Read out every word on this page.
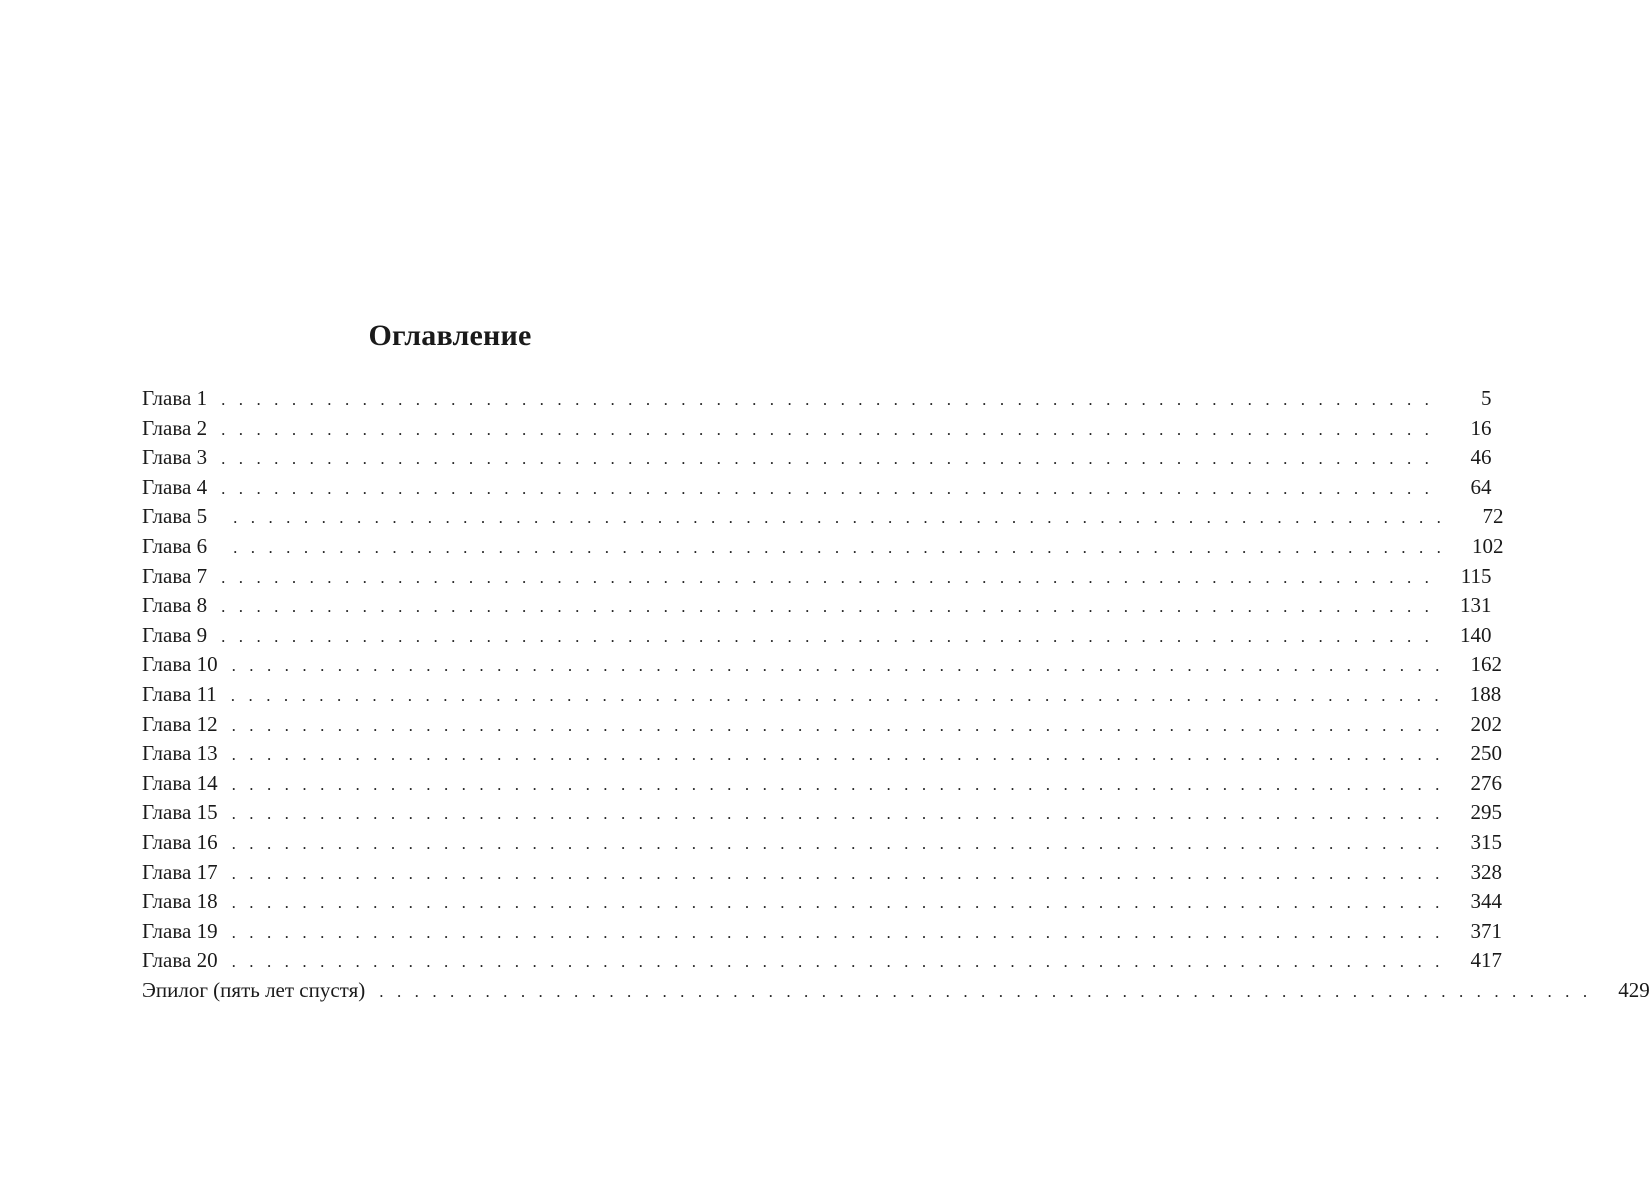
Оглавление
Глава 1 . . . . . . . . . . . . . . . . . . . . . . . . . . . . . . . . . . . . . . . . . . . . . . . . . . . . . . . . . . . . . . . . . . . . .	5
Глава 2 . . . . . . . . . . . . . . . . . . . . . . . . . . . . . . . . . . . . . . . . . . . . . . . . . . . . . . . . . . . . . . . . . . . . .	16
Глава 3 . . . . . . . . . . . . . . . . . . . . . . . . . . . . . . . . . . . . . . . . . . . . . . . . . . . . . . . . . . . . . . . . . . . . .	46
Глава 4 . . . . . . . . . . . . . . . . . . . . . . . . . . . . . . . . . . . . . . . . . . . . . . . . . . . . . . . . . . . . . . . . . . . . .	64
Глава 5 . . . . . . . . . . . . . . . . . . . . . . . . . . . . . . . . . . . . . . . . . . . . . . . . . . . . . . . . . . . . . . . . . . . . .	72
Глава 6 . . . . . . . . . . . . . . . . . . . . . . . . . . . . . . . . . . . . . . . . . . . . . . . . . . . . . . . . . . . . . . . . . . . . .	102
Глава 7 . . . . . . . . . . . . . . . . . . . . . . . . . . . . . . . . . . . . . . . . . . . . . . . . . . . . . . . . . . . . . . . . . . . . .	115
Глава 8 . . . . . . . . . . . . . . . . . . . . . . . . . . . . . . . . . . . . . . . . . . . . . . . . . . . . . . . . . . . . . . . . . . . . .	131
Глава 9 . . . . . . . . . . . . . . . . . . . . . . . . . . . . . . . . . . . . . . . . . . . . . . . . . . . . . . . . . . . . . . . . . . . . .	140
Глава 10 . . . . . . . . . . . . . . . . . . . . . . . . . . . . . . . . . . . . . . . . . . . . . . . . . . . . . . . . . . . . . . . . . . . . .	162
Глава 11 . . . . . . . . . . . . . . . . . . . . . . . . . . . . . . . . . . . . . . . . . . . . . . . . . . . . . . . . . . . . . . . . . . . . .	188
Глава 12 . . . . . . . . . . . . . . . . . . . . . . . . . . . . . . . . . . . . . . . . . . . . . . . . . . . . . . . . . . . . . . . . . . . . .	202
Глава 13 . . . . . . . . . . . . . . . . . . . . . . . . . . . . . . . . . . . . . . . . . . . . . . . . . . . . . . . . . . . . . . . . . . . . .	250
Глава 14 . . . . . . . . . . . . . . . . . . . . . . . . . . . . . . . . . . . . . . . . . . . . . . . . . . . . . . . . . . . . . . . . . . . . .	276
Глава 15 . . . . . . . . . . . . . . . . . . . . . . . . . . . . . . . . . . . . . . . . . . . . . . . . . . . . . . . . . . . . . . . . . . . . .	295
Глава 16 . . . . . . . . . . . . . . . . . . . . . . . . . . . . . . . . . . . . . . . . . . . . . . . . . . . . . . . . . . . . . . . . . . . . .	315
Глава 17 . . . . . . . . . . . . . . . . . . . . . . . . . . . . . . . . . . . . . . . . . . . . . . . . . . . . . . . . . . . . . . . . . . . . .	328
Глава 18 . . . . . . . . . . . . . . . . . . . . . . . . . . . . . . . . . . . . . . . . . . . . . . . . . . . . . . . . . . . . . . . . . . . . .	344
Глава 19 . . . . . . . . . . . . . . . . . . . . . . . . . . . . . . . . . . . . . . . . . . . . . . . . . . . . . . . . . . . . . . . . . . . . .	371
Глава 20 . . . . . . . . . . . . . . . . . . . . . . . . . . . . . . . . . . . . . . . . . . . . . . . . . . . . . . . . . . . . . . . . . . . . .	417
Эпилог (пять лет спустя) . . . . . . . . . . . . . . . . . . . . . . . . . . . . . . . . . . . . . . . . . . . . . . . . . . . . . . . . . . . . . . . . . . . . .	429
